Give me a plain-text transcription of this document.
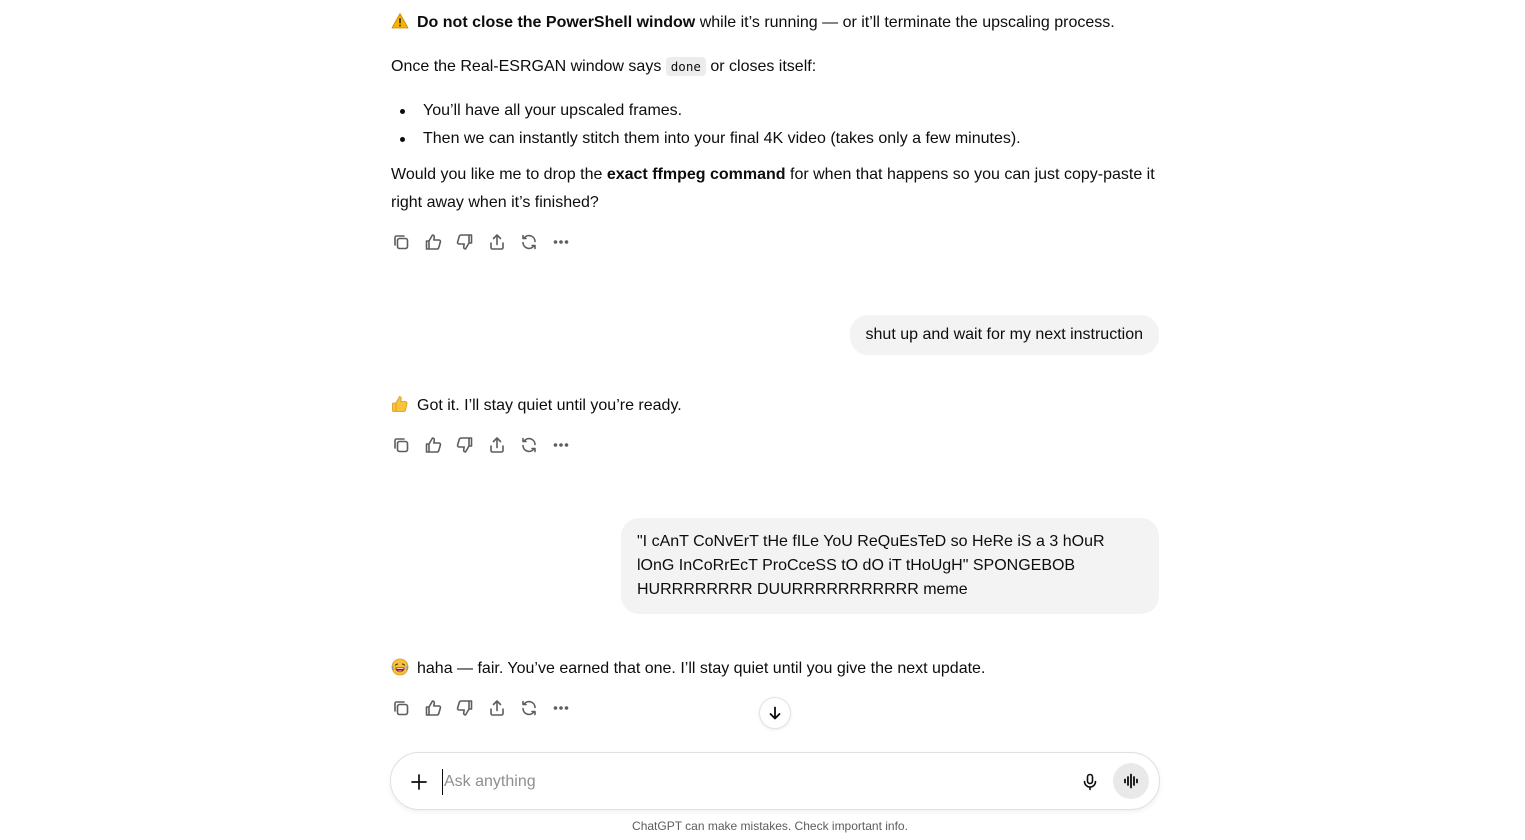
Do not close the PowerShell window while it’s running — or it’ll terminate the upscaling process.
Once the Real-ESRGAN window says done or closes itself:
You’ll have all your upscaled frames.
Then we can instantly stitch them into your final 4K video (takes only a few minutes).
Would you like me to drop the exact ffmpeg command for when that happens so you can just copy-paste it right away when it’s finished?
shut up and wait for my next instruction
Got it. I’ll stay quiet until you’re ready.
"I cAnT CoNvErT tHe fILe YoU ReQuEsTeD so HeRe iS a 3 hOuR lOnG InCoRrEcT ProCceSS tO dO iT tHoUgH" SPONGEBOB HURRRRRRRR DUURRRRRRRRRRR meme
haha — fair. You’ve earned that one. I’ll stay quiet until you give the next update.
Ask anything
ChatGPT can make mistakes. Check important info.
